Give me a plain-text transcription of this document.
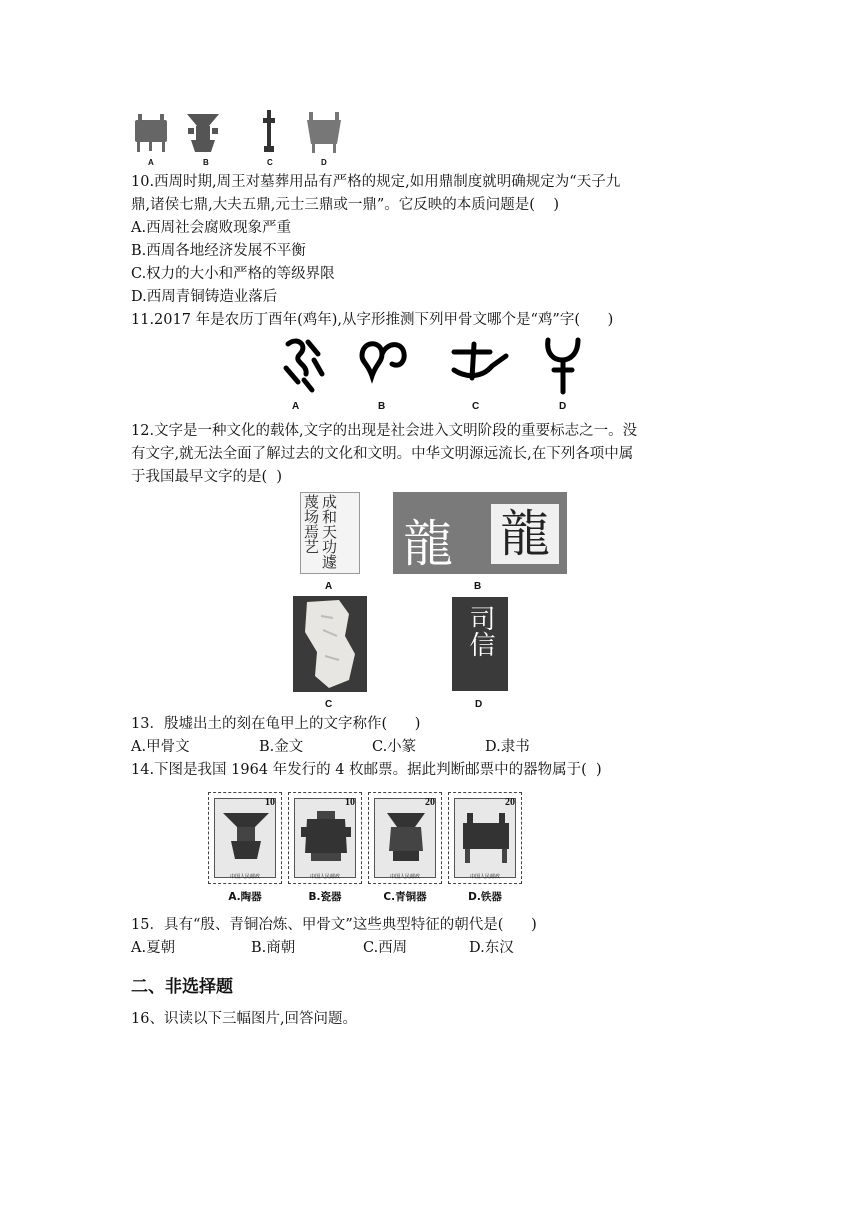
A	B	C	D
10.西周时期,周王对墓葬用品有严格的规定,如用鼎制度就明确规定为“天子九
鼎,诸侯七鼎,大夫五鼎,元士三鼎或一鼎”。它反映的本质问题是(    )
A.西周社会腐败现象严重
B.西周各地经济发展不平衡
C.权力的大小和严格的等级界限
D.西周青铜铸造业落后
11.2017 年是农历丁酉年(鸡年),从字形推测下列甲骨文哪个是“鸡”字(      )
A	B	C	D
12.文字是一种文化的载体,文字的出现是社会进入文明阶段的重要标志之一。没
有文字,就无法全面了解过去的文化和文明。中华文明源远流长,在下列各项中属
于我国最早文字的是(  )
成和天功遽蔑场焉艺
A
龍 龍
B
C
司信
D
13．殷墟出土的刻在龟甲上的文字称作(      )
A.甲骨文	B.金文	C.小篆	D.隶书
14.下图是我国 1964 年发行的 4 枚邮票。据此判断邮票中的器物属于(  )
10
中国人民邮政
A.陶器
10
中国人民邮政
B.瓷器
20
中国人民邮政
C.青铜器
20
中国人民邮政
D.铁器
15．具有“殷、青铜冶炼、甲骨文”这些典型特征的朝代是(      )
A.夏朝	B.商朝	C.西周	D.东汉
二、非选择题
16、识读以下三幅图片,回答问题。
